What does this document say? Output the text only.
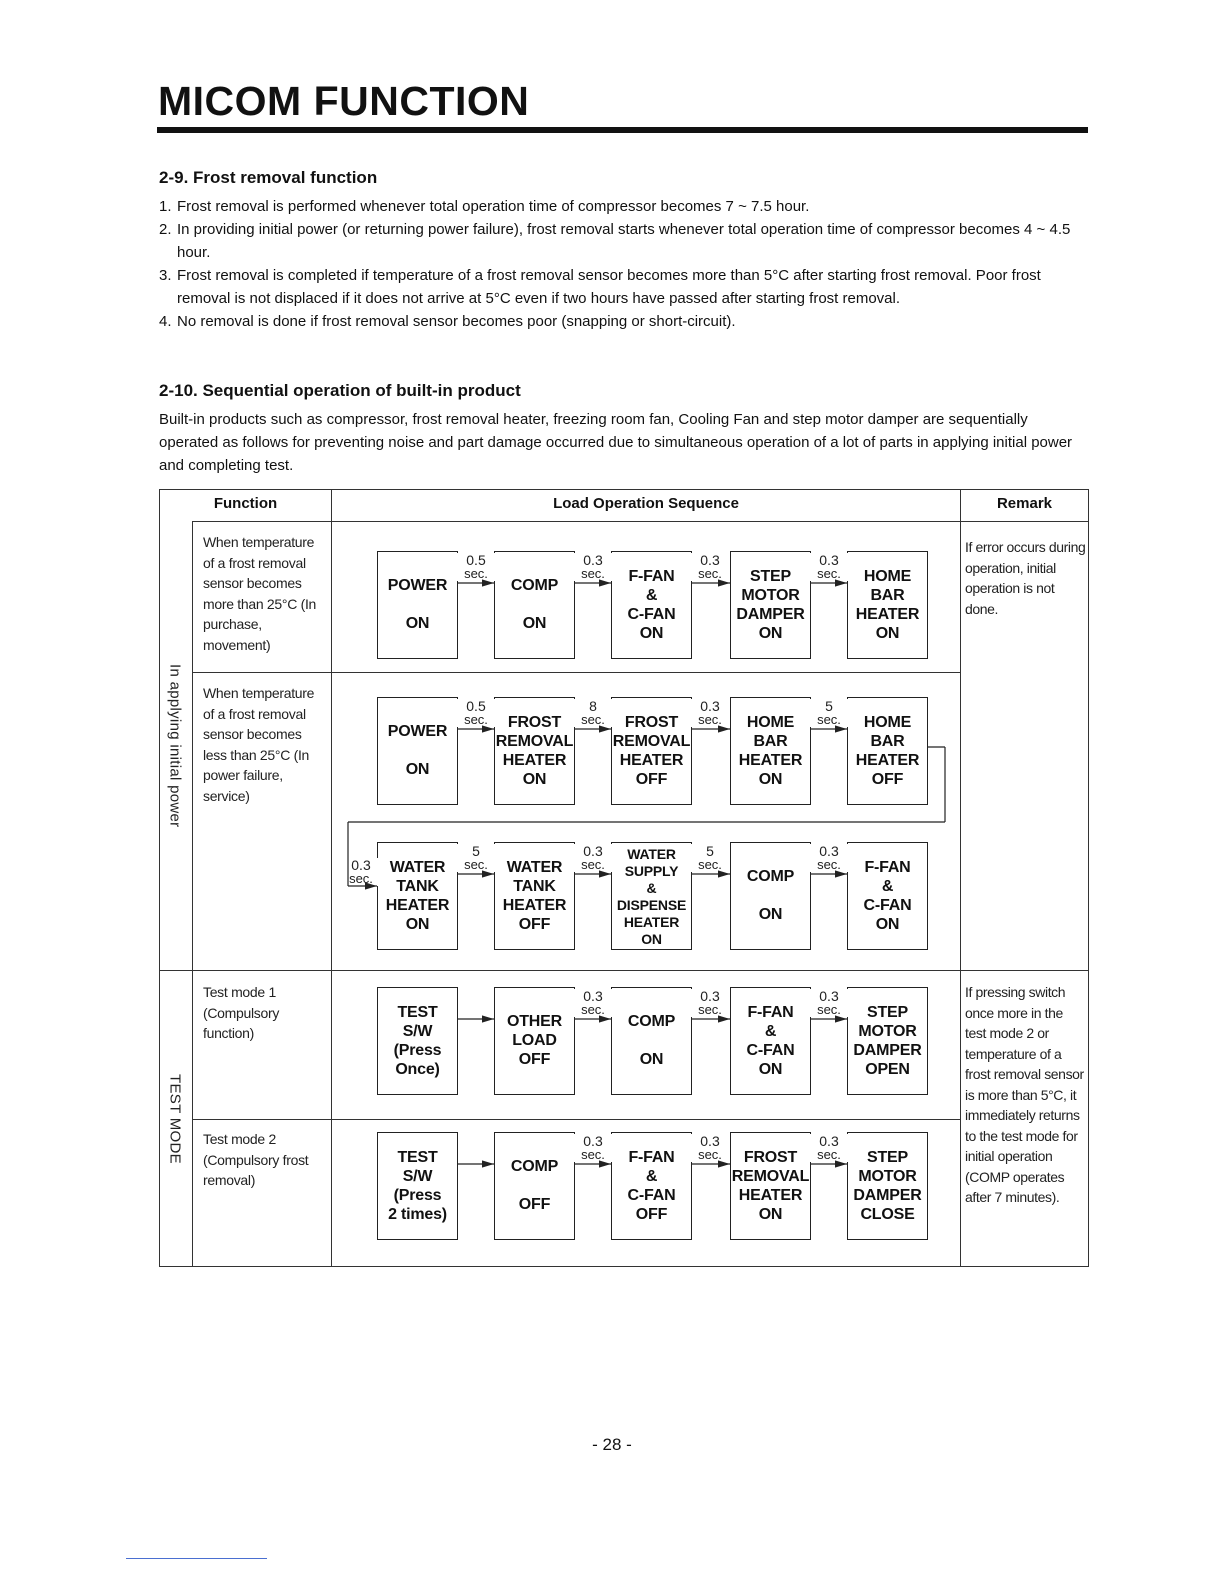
MICOM FUNCTION
2-9. Frost removal function
1. Frost removal is performed whenever total operation time of compressor becomes 7 ~ 7.5 hour.
2. In providing initial power (or returning power failure), frost removal starts whenever total operation time of compressor becomes 4 ~ 4.5 hour.
3. Frost removal is completed if temperature of a frost removal sensor becomes more than 5°C after starting frost removal. Poor frost removal is not displaced if it does not arrive at 5°C even if two hours have passed after starting frost removal.
4. No removal is done if frost removal sensor becomes poor (snapping or short-circuit).
2-10. Sequential operation of built-in product

Built-in products such as compressor, frost removal heater, freezing room fan, Cooling Fan and step motor damper are sequentially operated as follows for preventing noise and part damage occurred due to simultaneous operation of a lot of parts in applying initial power and completing test.

Function	Load Operation Sequence	Remark
In applying initial power
TEST MODE
When temperature of a frost removal sensor becomes more than 25°C (In purchase, movement)
When temperature of a frost removal sensor becomes less than 25°C (In power failure, service)
Test mode 1 (Compulsory function)
Test mode 2 (Compulsory frost removal)
If error occurs during operation, initial operation is not done.
If pressing switch once more in the test mode 2 or temperature of a frost removal sensor is more than 5°C, it immediately returns to the test mode for initial operation (COMP operates after 7 minutes).
POWER
ON
COMP
ON
F-FAN
&
C-FAN
ON
STEP
MOTOR
DAMPER
ON
HOME
BAR
HEATER
ON
0.5
sec.
0.3
sec.
0.3
sec.
0.3
sec.
POWER
ON
FROST
REMOVAL
HEATER
ON
FROST
REMOVAL
HEATER
OFF
HOME
BAR
HEATER
ON
HOME
BAR
HEATER
OFF
0.5
sec.
8
sec.
0.3
sec.
5
sec.
WATER
TANK
HEATER
ON
WATER
TANK
HEATER
OFF
WATER
SUPPLY
&
DISPENSE
HEATER
ON
COMP
ON
F-FAN
&
C-FAN
ON
5
sec.
0.3
sec.
5
sec.
0.3
sec.
0.3
sec.
TEST
S/W
(Press
Once)
OTHER
LOAD
OFF
COMP
ON
F-FAN
&
C-FAN
ON
STEP
MOTOR
DAMPER
OPEN
0.3
sec.
0.3
sec.
0.3
sec.
TEST
S/W
(Press
2 times)
COMP
OFF
F-FAN
&
C-FAN
OFF
FROST
REMOVAL
HEATER
ON
STEP
MOTOR
DAMPER
CLOSE
0.3
sec.
0.3
sec.
0.3
sec.
- 28 -
